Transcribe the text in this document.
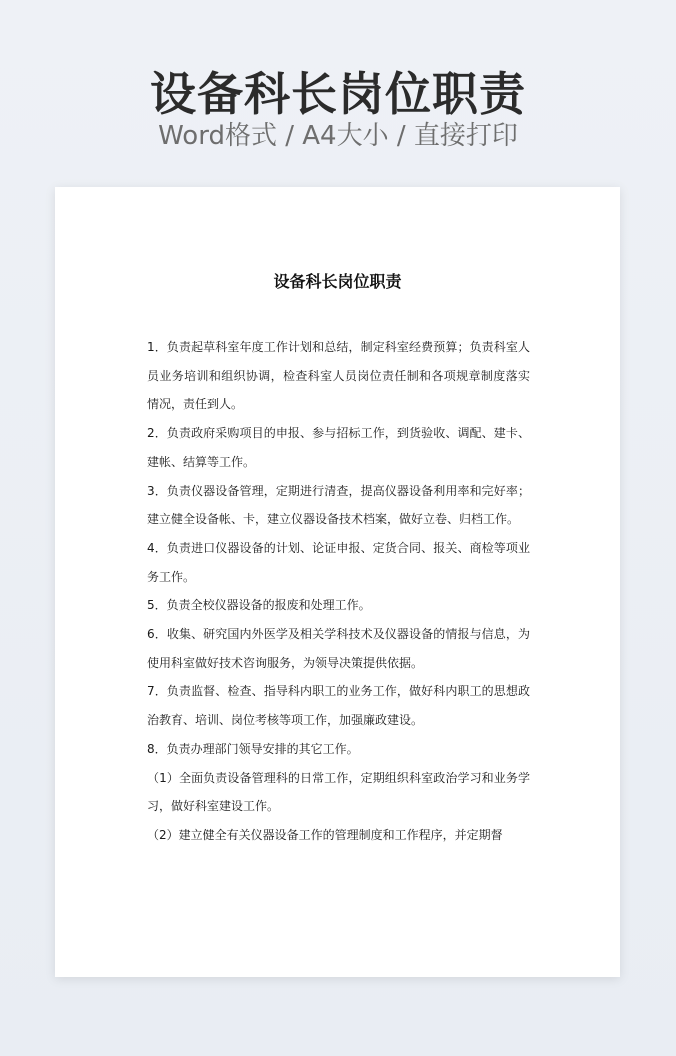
设备科长岗位职责
Word格式 / A4大小 / 直接打印
设备科长岗位职责

1．负责起草科室年度工作计划和总结，制定科室经费预算；负责科室人员业务培训和组织协调，检查科室人员岗位责任制和各项规章制度落实情况，责任到人。

2．负责政府采购项目的申报、参与招标工作，到货验收、调配、建卡、建帐、结算等工作。

3．负责仪器设备管理，定期进行清查，提高仪器设备利用率和完好率；建立健全设备帐、卡，建立仪器设备技术档案，做好立卷、归档工作。

4．负责进口仪器设备的计划、论证申报、定货合同、报关、商检等项业务工作。

5．负责全校仪器设备的报废和处理工作。

6．收集、研究国内外医学及相关学科技术及仪器设备的情报与信息，为使用科室做好技术咨询服务，为领导决策提供依据。

7．负责监督、检查、指导科内职工的业务工作，做好科内职工的思想政治教育、培训、岗位考核等项工作，加强廉政建设。

8．负责办理部门领导安排的其它工作。

（1）全面负责设备管理科的日常工作，定期组织科室政治学习和业务学习，做好科室建设工作。

（2）建立健全有关仪器设备工作的管理制度和工作程序，并定期督
